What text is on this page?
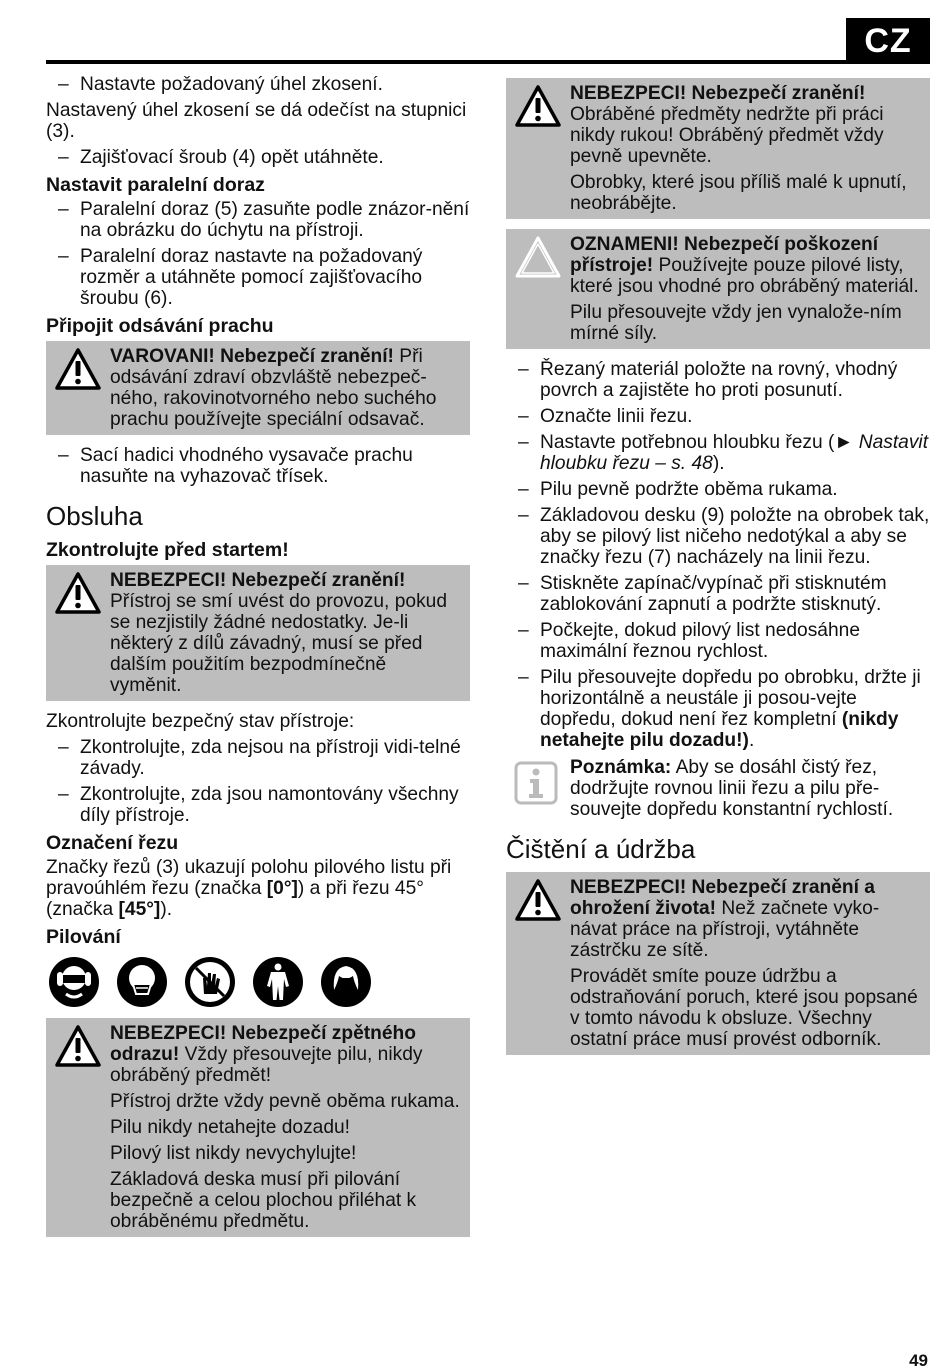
CZ
– Nastavte požadovaný úhel zkosení.

Nastavený úhel zkosení se dá odečíst na stupnici (3).

– Zajišťovací šroub (4) opět utáhněte.
Nastavit paralelní doraz
– Paralelní doraz (5) zasuňte podle znázor-nění na obrázku do úchytu na přístroji.
– Paralelní doraz nastavte na požadovaný rozměr a utáhněte pomocí zajišťovacího šroubu (6).
Připojit odsávání prachu

VAROVANI! Nebezpečí zranění! Při odsávání zdraví obzvláště nebezpeč-ného, rakovinotvorného nebo suchého prachu používejte speciální odsavač.

– Sací hadici vhodného vysavače prachu nasuňte na vyhazovač třísek.
Obsluha
Zkontrolujte před startem!

NEBEZPECI! Nebezpečí zranění!

Přístroj se smí uvést do provozu, pokud se nezjistily žádné nedostatky. Je-li některý z dílů závadný, musí se před dalším použitím bezpodmínečně vyměnit.

Zkontrolujte bezpečný stav přístroje:

– Zkontrolujte, zda nejsou na přístroji vidi-telné závady.
– Zkontrolujte, zda jsou namontovány všechny díly přístroje.
Označení řezu

Značky řezů (3) ukazují polohu pilového listu při pravoúhlém řezu (značka [0°]) a při řezu 45° (značka [45°]).

Pilování

NEBEZPECI! Nebezpečí zpětného odrazu! Vždy přesouvejte pilu, nikdy obráběný předmět!

Přístroj držte vždy pevně oběma rukama.

Pilu nikdy netahejte dozadu!

Pilový list nikdy nevychylujte!

Základová deska musí při pilování bezpečně a celou plochou přiléhat k obráběnému předmětu.

NEBEZPECI! Nebezpečí zranění!

Obráběné předměty nedržte při práci nikdy rukou! Obráběný předmět vždy pevně upevněte.

Obrobky, které jsou příliš malé k upnutí, neobrábějte.

OZNAMENI! Nebezpečí poškození přístroje! Používejte pouze pilové listy, které jsou vhodné pro obráběný materiál.

Pilu přesouvejte vždy jen vynalože-ním mírné síly.

– Řezaný materiál položte na rovný, vhodný povrch a zajistěte ho proti posunutí.
– Označte linii řezu.
– Nastavte potřebnou hloubku řezu (► Nastavit hloubku řezu – s. 48).
– Pilu pevně podržte oběma rukama.
– Základovou desku (9) položte na obrobek tak, aby se pilový list ničeho nedotýkal a aby se značky řezu (7) nacházely na linii řezu.
– Stiskněte zapínač/vypínač při stisknutém zablokování zapnutí a podržte stisknutý.
– Počkejte, dokud pilový list nedosáhne maximální řeznou rychlost.
– Pilu přesouvejte dopředu po obrobku, držte ji horizontálně a neustále ji posou-vejte dopředu, dokud není řez kompletní (nikdy netahejte pilu dozadu!).

Poznámka: Aby se dosáhl čistý řez, dodržujte rovnou linii řezu a pilu pře-souvejte dopředu konstantní rychlostí.

Čištění a údržba

NEBEZPECI! Nebezpečí zranění a ohrožení života! Než začnete vyko-návat práce na přístroji, vytáhněte zástrčku ze sítě.

Provádět smíte pouze údržbu a odstraňování poruch, které jsou popsané v tomto návodu k obsluze. Všechny ostatní práce musí provést odborník.

49
